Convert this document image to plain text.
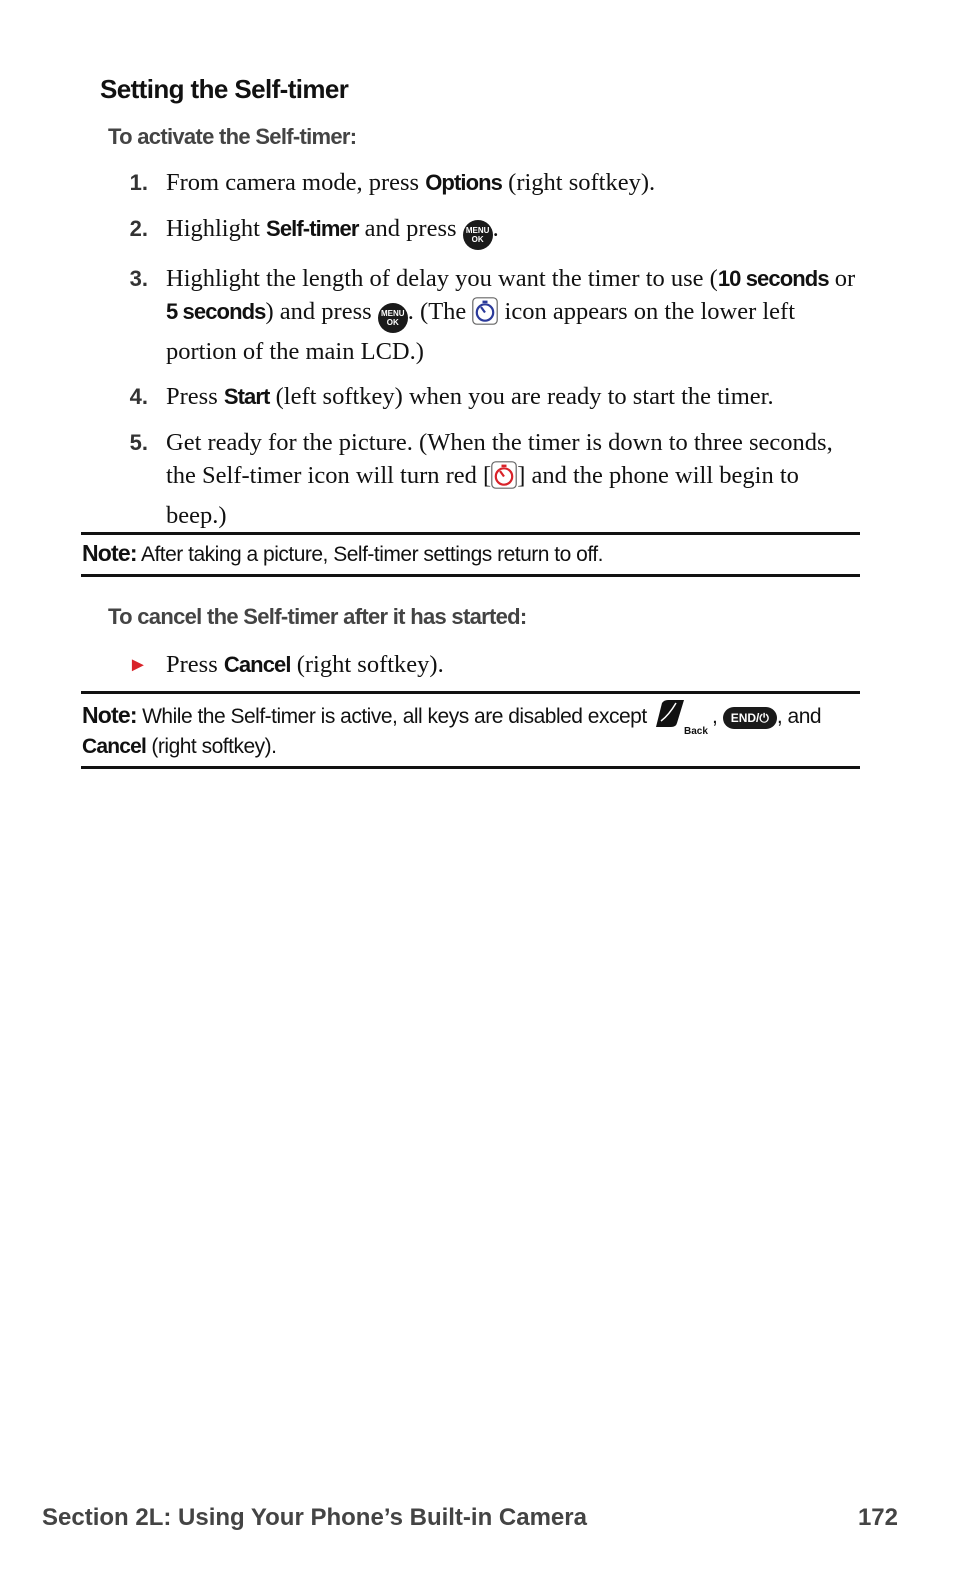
Setting the Self-timer

To activate the Self-timer:

1. From camera mode, press Options (right softkey).
2. Highlight Self-timer and press MENU
OK .
3. Highlight the length of delay you want the timer to use (10 seconds or 5 seconds) and press MENU
OK . (The  icon appears on the lower left portion of the main LCD.)
4. Press Start (left softkey) when you are ready to start the timer.
5. Get ready for the picture. (When the timer is down to three seconds, the Self-timer icon will turn red [ ] and the phone will begin to beep.)

Note: After taking a picture, Self-timer settings return to off.

To cancel the Self-timer after it has started:

► Press Cancel (right softkey).

Note: While the Self-timer is active, all keys are disabled except
Back
, END/⏻ , and Cancel (right softkey).

Section 2L: Using Your Phone’s Built-in Camera	172
